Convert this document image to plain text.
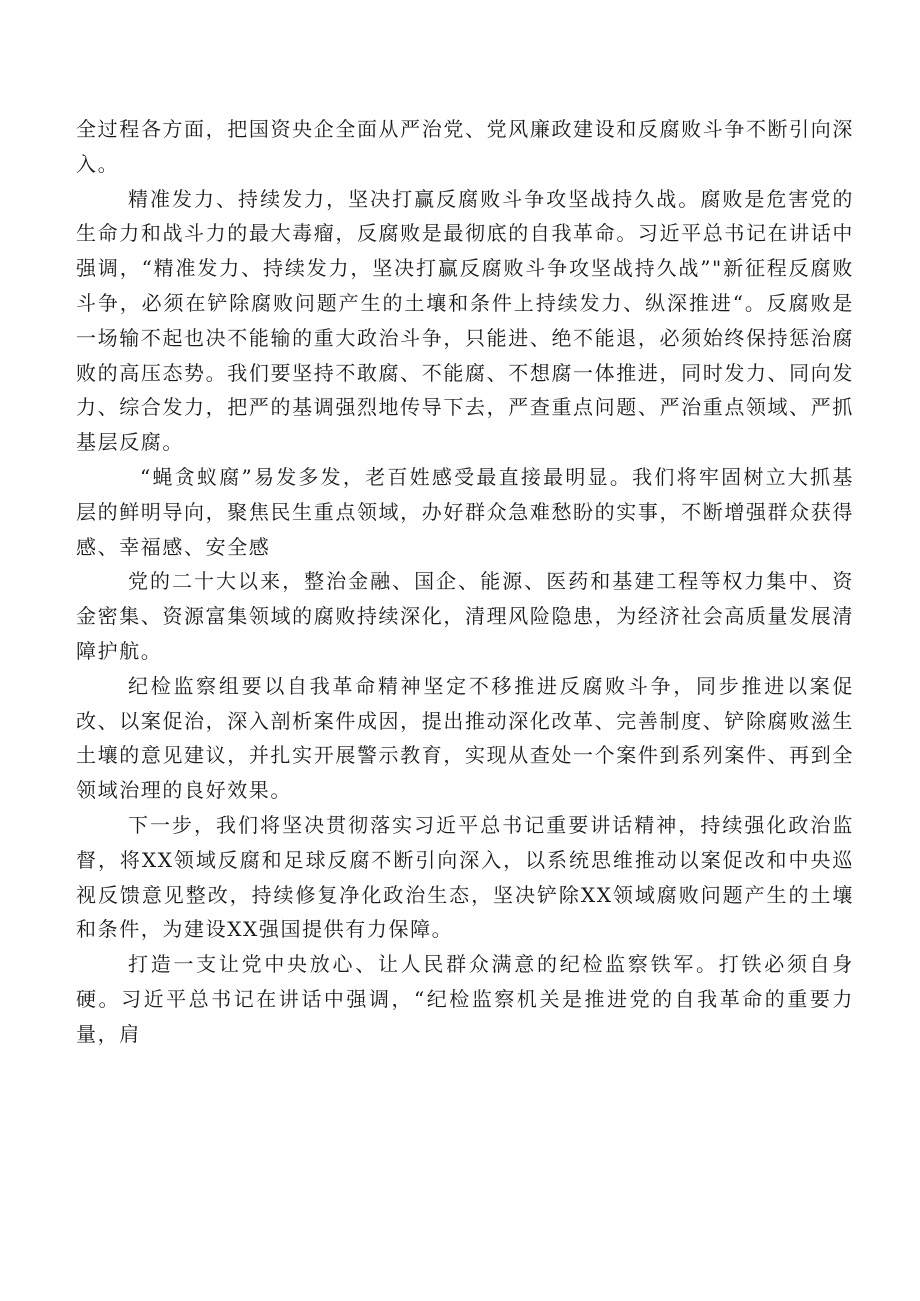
全过程各方面，把国资央企全面从严治党、党风廉政建设和反腐败斗争不断引向深入。

精准发力、持续发力，坚决打赢反腐败斗争攻坚战持久战。腐败是危害党的生命力和战斗力的最大毒瘤，反腐败是最彻底的自我革命。习近平总书记在讲话中强调，“精准发力、持续发力，坚决打赢反腐败斗争攻坚战持久战”"新征程反腐败斗争，必须在铲除腐败问题产生的土壤和条件上持续发力、纵深推进“。反腐败是一场输不起也决不能输的重大政治斗争，只能进、绝不能退，必须始终保持惩治腐败的高压态势。我们要坚持不敢腐、不能腐、不想腐一体推进，同时发力、同向发力、综合发力，把严的基调强烈地传导下去，严查重点问题、严治重点领域、严抓基层反腐。

“蝇贪蚁腐”易发多发，老百姓感受最直接最明显。我们将牢固树立大抓基层的鲜明导向，聚焦民生重点领域，办好群众急难愁盼的实事，不断增强群众获得感、幸福感、安全感

党的二十大以来，整治金融、国企、能源、医药和基建工程等权力集中、资金密集、资源富集领域的腐败持续深化，清理风险隐患，为经济社会高质量发展清障护航。

纪检监察组要以自我革命精神坚定不移推进反腐败斗争，同步推进以案促改、以案促治，深入剖析案件成因，提出推动深化改革、完善制度、铲除腐败滋生土壤的意见建议，并扎实开展警示教育，实现从查处一个案件到系列案件、再到全领域治理的良好效果。

下一步，我们将坚决贯彻落实习近平总书记重要讲话精神，持续强化政治监督，将XX领域反腐和足球反腐不断引向深入，以系统思维推动以案促改和中央巡视反馈意见整改，持续修复净化政治生态，坚决铲除XX领域腐败问题产生的土壤和条件，为建设XX强国提供有力保障。

打造一支让党中央放心、让人民群众满意的纪检监察铁军。打铁必须自身硬。习近平总书记在讲话中强调，“纪检监察机关是推进党的自我革命的重要力量，肩
